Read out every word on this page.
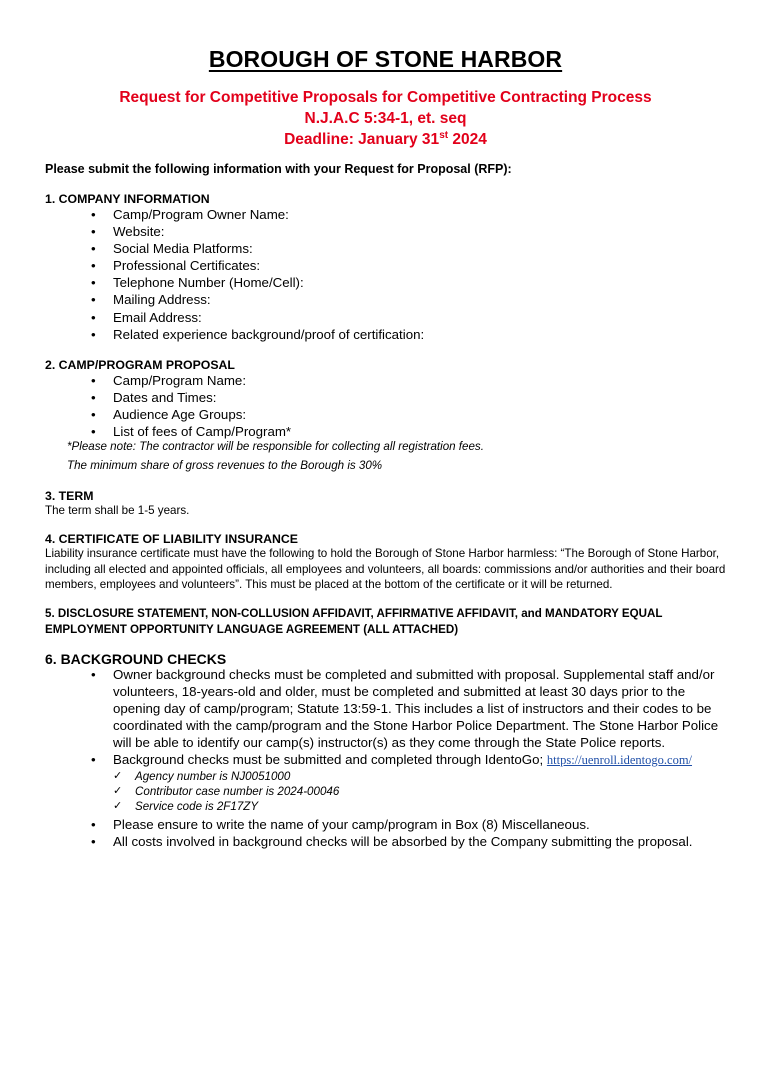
BOROUGH OF STONE HARBOR
Request for Competitive Proposals for Competitive Contracting Process
N.J.A.C 5:34-1, et. seq
Deadline: January 31st 2024
Please submit the following information with your Request for Proposal (RFP):
1. COMPANY INFORMATION
• Camp/Program Owner Name:
• Website:
• Social Media Platforms:
• Professional Certificates:
• Telephone Number (Home/Cell):
• Mailing Address:
• Email Address:
• Related experience background/proof of certification:
2. CAMP/PROGRAM PROPOSAL
• Camp/Program Name:
• Dates and Times:
• Audience Age Groups:
• List of fees of Camp/Program*
*Please note: The contractor will be responsible for collecting all registration fees.
The minimum share of gross revenues to the Borough is 30%
3. TERM
The term shall be 1-5 years.
4. CERTIFICATE OF LIABILITY INSURANCE
Liability insurance certificate must have the following to hold the Borough of Stone Harbor harmless: “The Borough of Stone Harbor, including all elected and appointed officials, all employees and volunteers, all boards: commissions and/or authorities and their board members, employees and volunteers”. This must be placed at the bottom of the certificate or it will be returned.
5. DISCLOSURE STATEMENT, NON-COLLUSION AFFIDAVIT, AFFIRMATIVE AFFIDAVIT, and MANDATORY EQUAL EMPLOYMENT OPPORTUNITY LANGUAGE AGREEMENT (ALL ATTACHED)
6. BACKGROUND CHECKS
• Owner background checks must be completed and submitted with proposal. Supplemental staff and/or volunteers, 18-years-old and older, must be completed and submitted at least 30 days prior to the opening day of camp/program; Statute 13:59-1. This includes a list of instructors and their codes to be coordinated with the camp/program and the Stone Harbor Police Department. The Stone Harbor Police will be able to identify our camp(s) instructor(s) as they come through the State Police reports.
• Background checks must be submitted and completed through IdentoGo; https://uenroll.identogo.com/
✓ Agency number is NJ0051000
✓ Contributor case number is 2024-00046
✓ Service code is 2F17ZY
• Please ensure to write the name of your camp/program in Box (8) Miscellaneous.
• All costs involved in background checks will be absorbed by the Company submitting the proposal.
